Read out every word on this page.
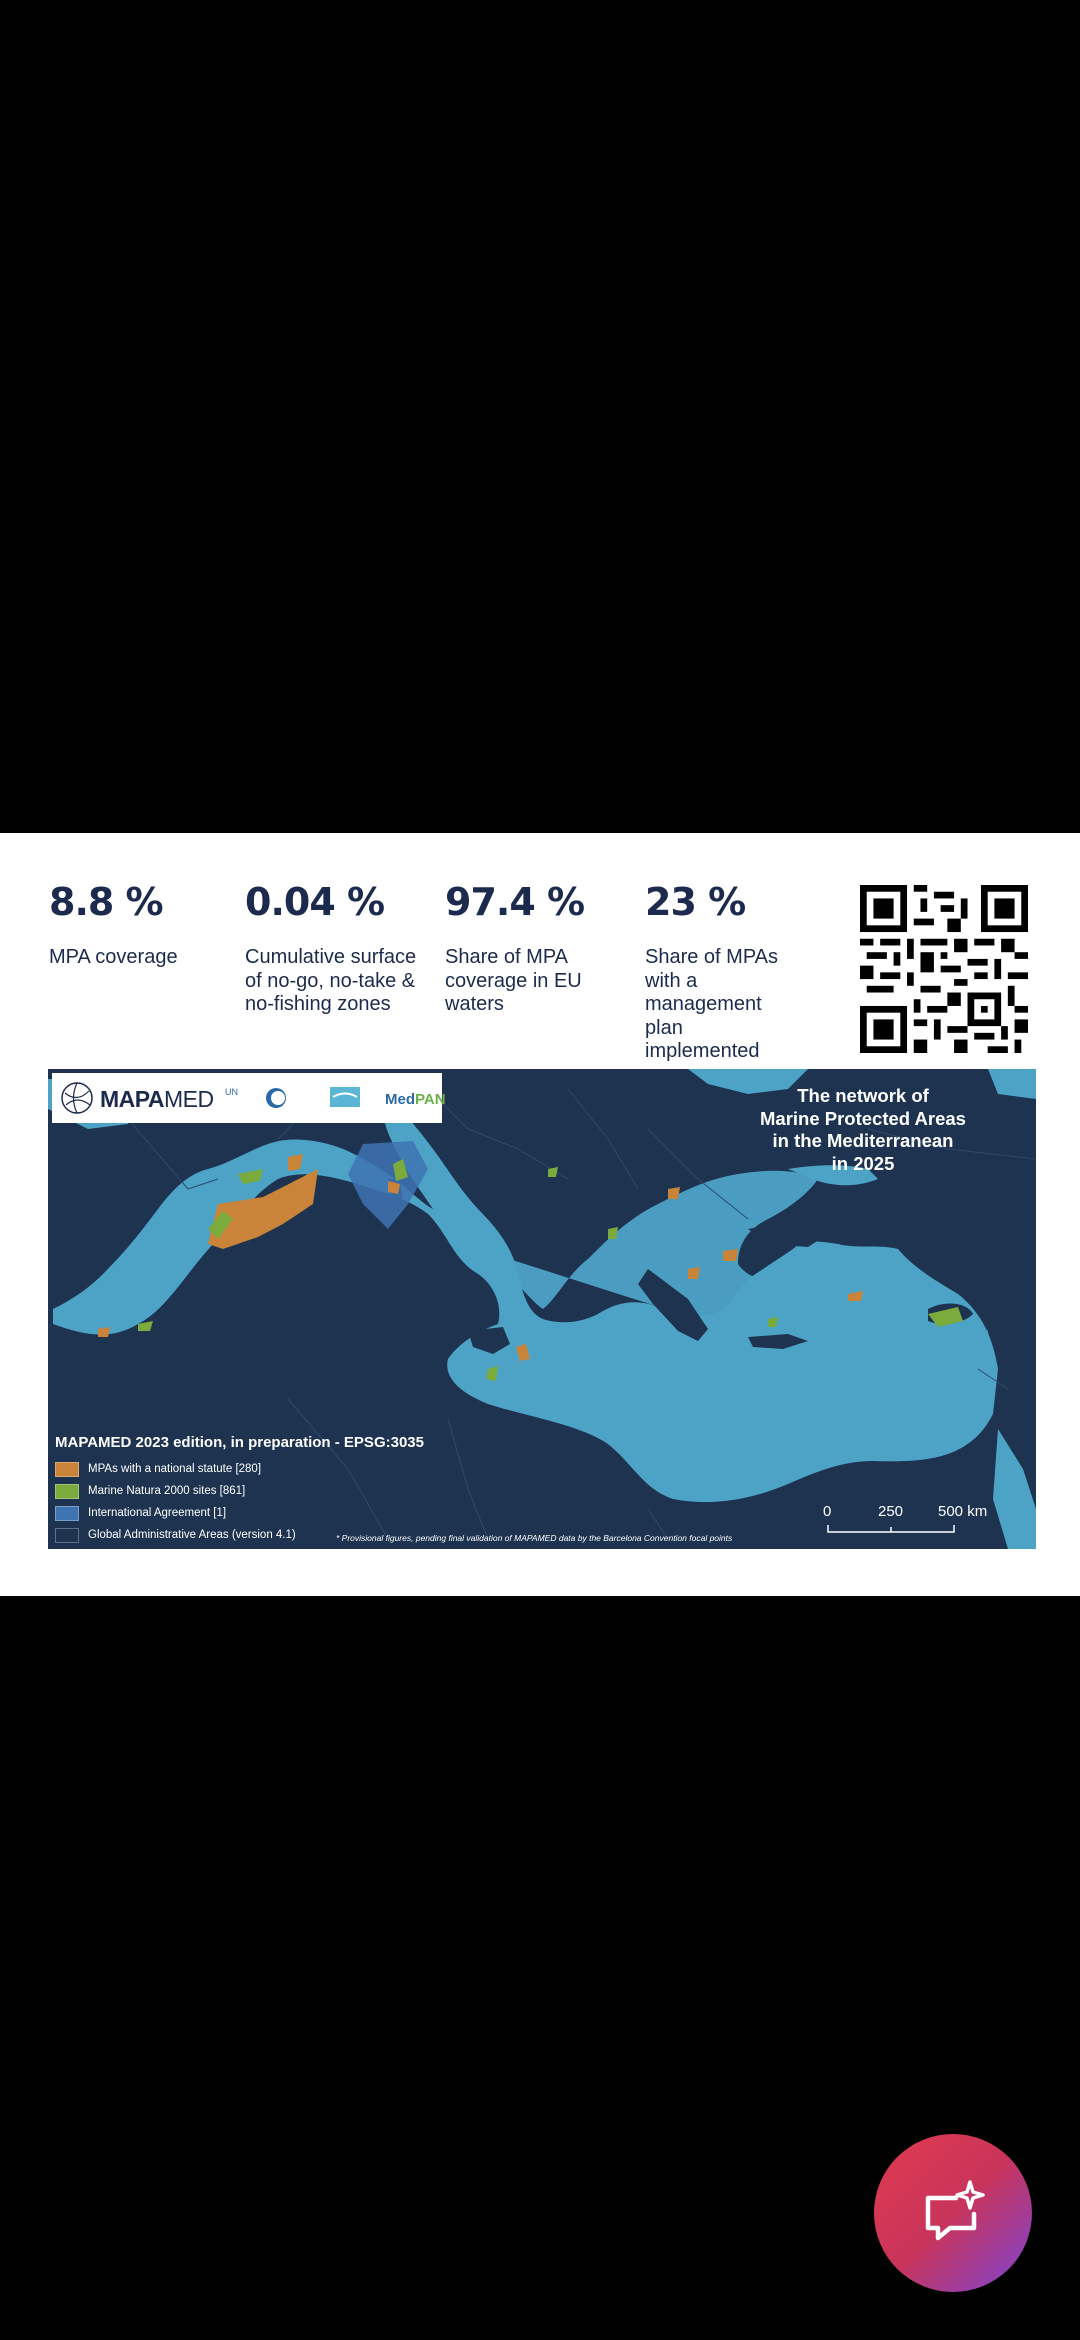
8.8 %
MPA coverage
0.04 %
Cumulative surface of no-go, no-take & no-fishing zones
97.4 %
Share of MPA coverage in EU waters
23 %
Share of MPAs with a management plan implemented
MAPAMED UN	MedPAN	The network of
Marine Protected Areas
in the Mediterranean
in 2025
MAPAMED 2023 edition, in preparation - EPSG:3035
MPAs with a national statute [280]
Marine Natura 2000 sites [861]
International Agreement [1]
Global Administrative Areas (version 4.1)	* Provisional figures, pending final validation of MAPAMED data by the Barcelona Convention focal points
0	250 500 km
